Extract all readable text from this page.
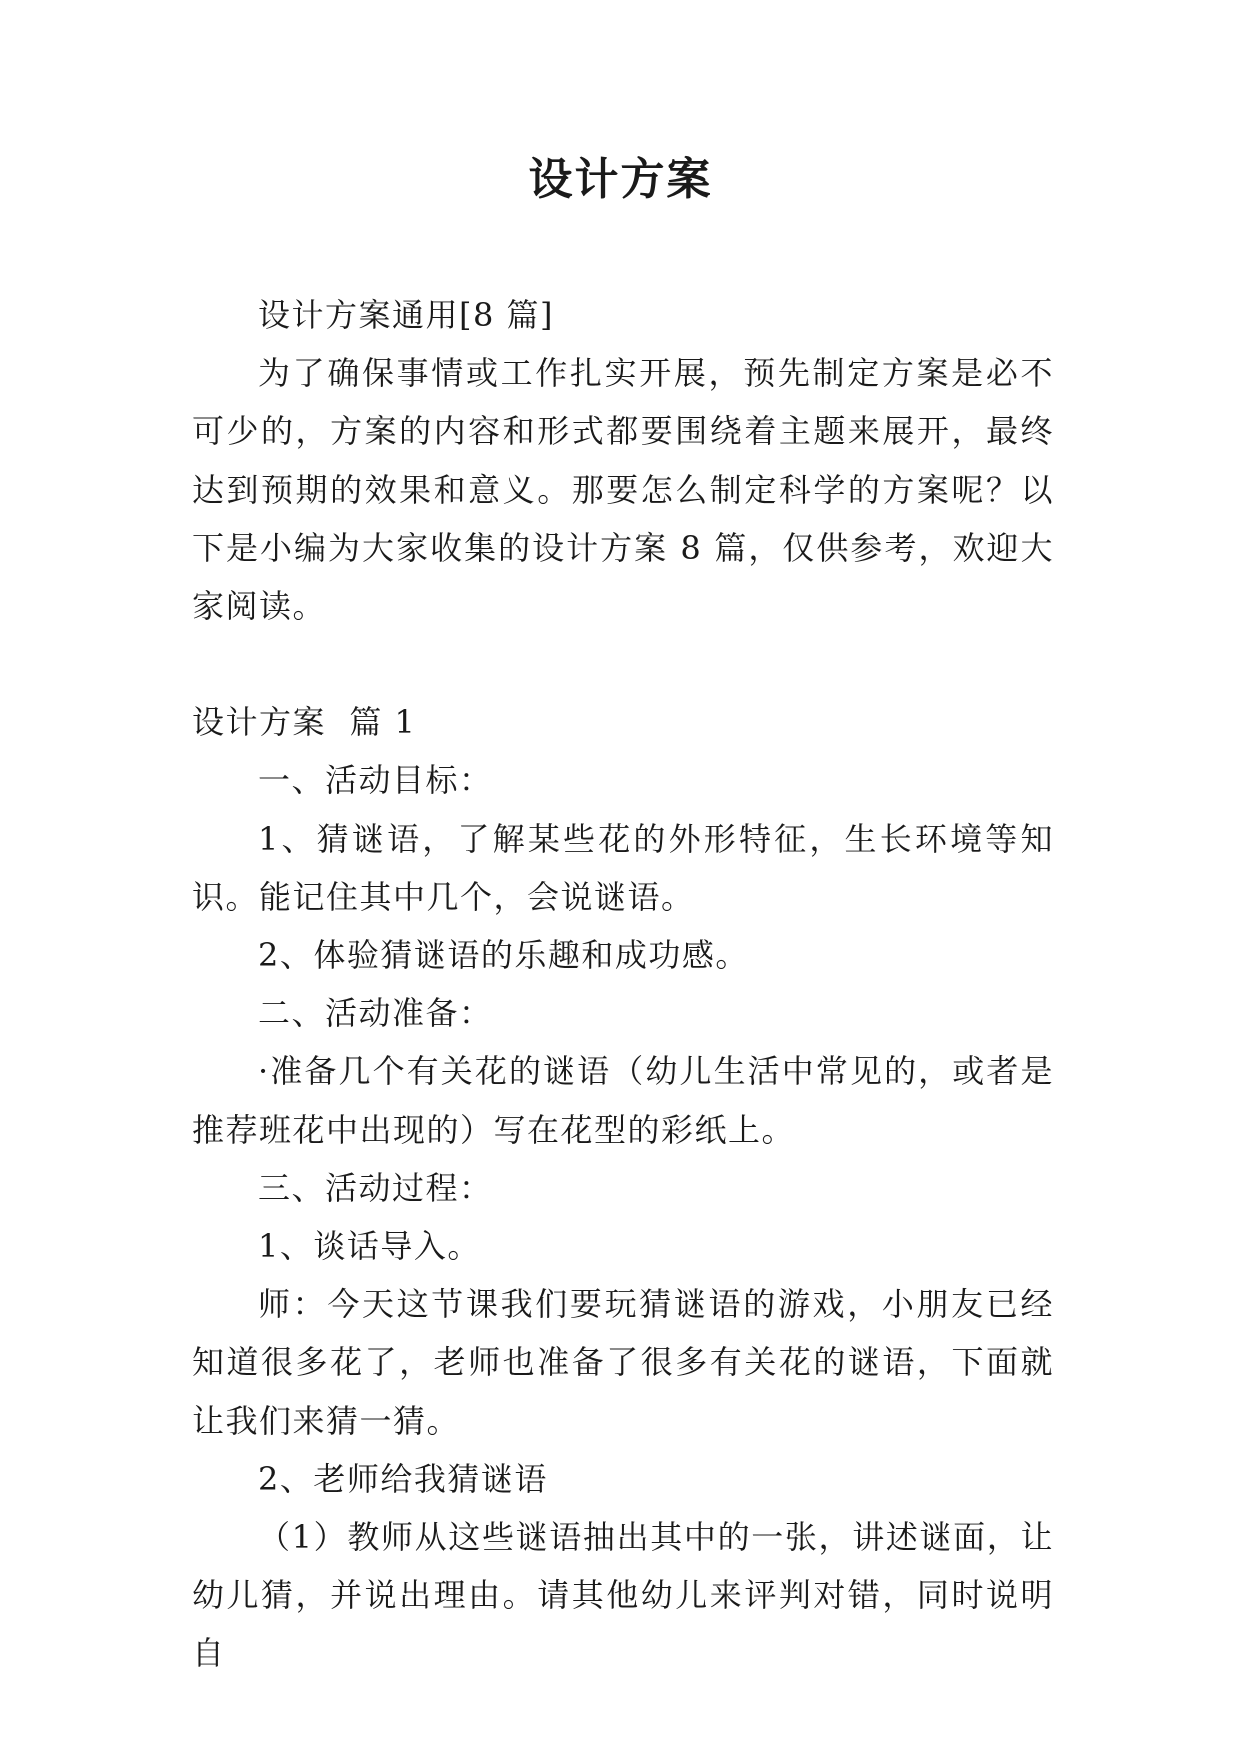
设计方案

设计方案通用[8 篇]

为了确保事情或工作扎实开展，预先制定方案是必不可少的，方案的内容和形式都要围绕着主题来展开，最终达到预期的效果和意义。那要怎么制定科学的方案呢？以下是小编为大家收集的设计方案 8 篇，仅供参考，欢迎大家阅读。

设计方案  篇 1

一、活动目标：

1、猜谜语，了解某些花的外形特征，生长环境等知识。能记住其中几个，会说谜语。

2、体验猜谜语的乐趣和成功感。

二、活动准备：

·准备几个有关花的谜语（幼儿生活中常见的，或者是推荐班花中出现的）写在花型的彩纸上。

三、活动过程：

1、谈话导入。

师：今天这节课我们要玩猜谜语的游戏，小朋友已经知道很多花了，老师也准备了很多有关花的谜语，下面就让我们来猜一猜。

2、老师给我猜谜语

（1）教师从这些谜语抽出其中的一张，讲述谜面，让幼儿猜，并说出理由。请其他幼儿来评判对错，同时说明自
